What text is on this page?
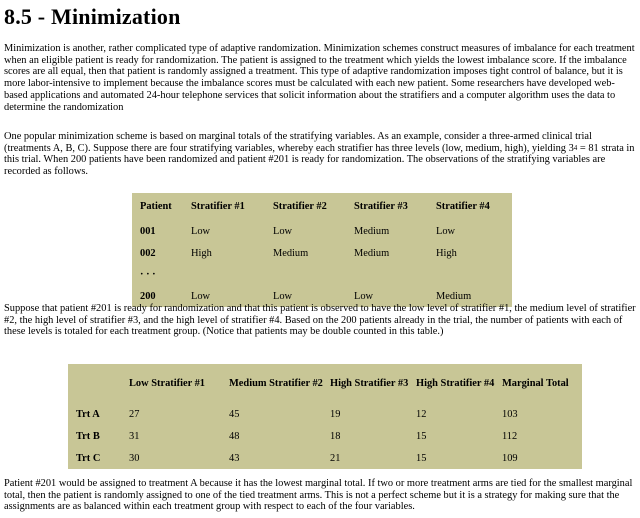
8.5 - Minimization

Minimization is another, rather complicated type of adaptive randomization. Minimization schemes construct measures of imbalance for each treatment when an eligible patient is ready for randomization. The patient is assigned to the treatment which yields the lowest imbalance score. If the imbalance scores are all equal, then that patient is randomly assigned a treatment. This type of adaptive randomization imposes tight control of balance, but it is more labor-intensive to implement because the imbalance scores must be calculated with each new patient. Some researchers have developed web-based applications and automated 24-hour telephone services that solicit information about the stratifiers and a computer algorithm uses the data to determine the randomization

One popular minimization scheme is based on marginal totals of the stratifying variables. As an example, consider a three-armed clinical trial (treatments A, B, C). Suppose there are four stratifying variables, whereby each stratifier has three levels (low, medium, high), yielding $3^4 = 81$ strata in this trial. When 200 patients have been randomized and patient #201 is ready for randomization. The observations of the stratifying variables are recorded as follows.

Patient	Stratifier #1	Stratifier #2	Stratifier #3	Stratifier #4
001	Low	Low	Medium	Low
002	High	Medium	Medium	High
· · ·				
200	Low	Low	Low	Medium

Suppose that patient #201 is ready for randomization and that this patient is observed to have the low level of stratifier #1, the medium level of stratifier #2, the high level of stratifier #3, and the high level of stratifier #4. Based on the 200 patients already in the trial, the number of patients with each of these levels is totaled for each treatment group. (Notice that patients may be double counted in this table.)

	Low Stratifier #1	Medium Stratifier #2	High Stratifier #3	High Stratifier #4	Marginal Total
Trt A	27	45	19	12	103
Trt B	31	48	18	15	112
Trt C	30	43	21	15	109

Patient #201 would be assigned to treatment A because it has the lowest marginal total. If two or more treatment arms are tied for the smallest marginal total, then the patient is randomly assigned to one of the tied treatment arms. This is not a perfect scheme but it is a strategy for making sure that the assignments are as balanced within each treatment group with respect to each of the four variables.
